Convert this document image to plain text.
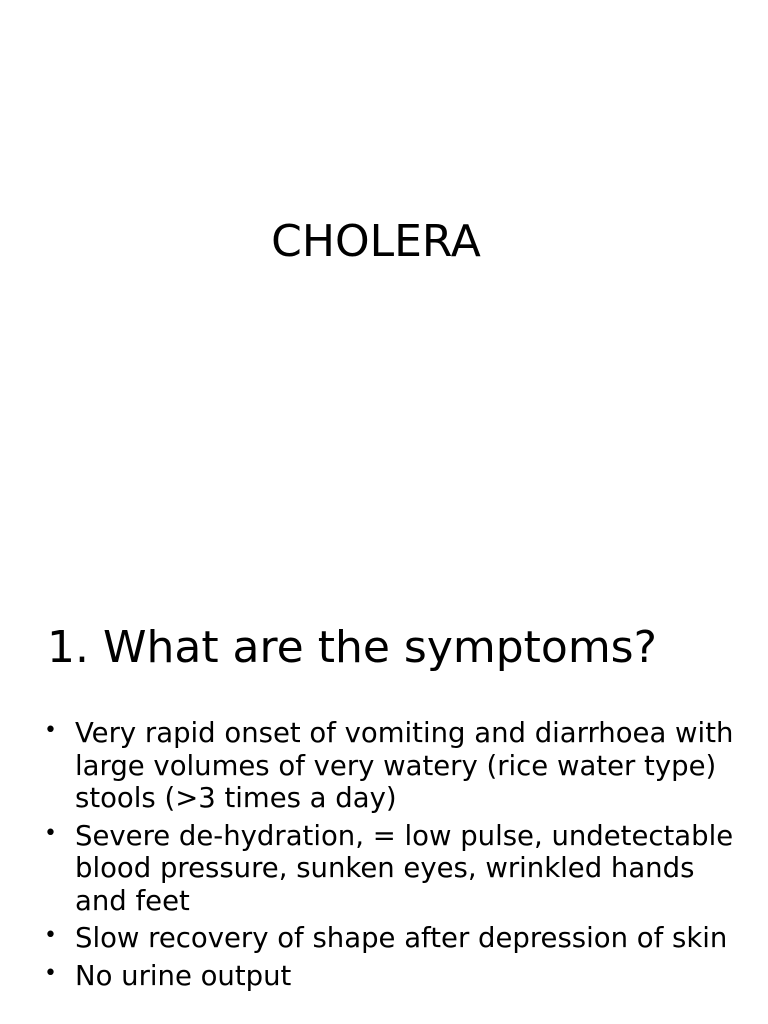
CHOLERA
1. What are the symptoms?
• Very rapid onset of vomiting and diarrhoea with large volumes of very watery (rice water type) stools (>3 times a day)
• Severe de-hydration, = low pulse, undetectable blood pressure, sunken eyes, wrinkled hands and feet
• Slow recovery of shape after depression of skin
• No urine output
